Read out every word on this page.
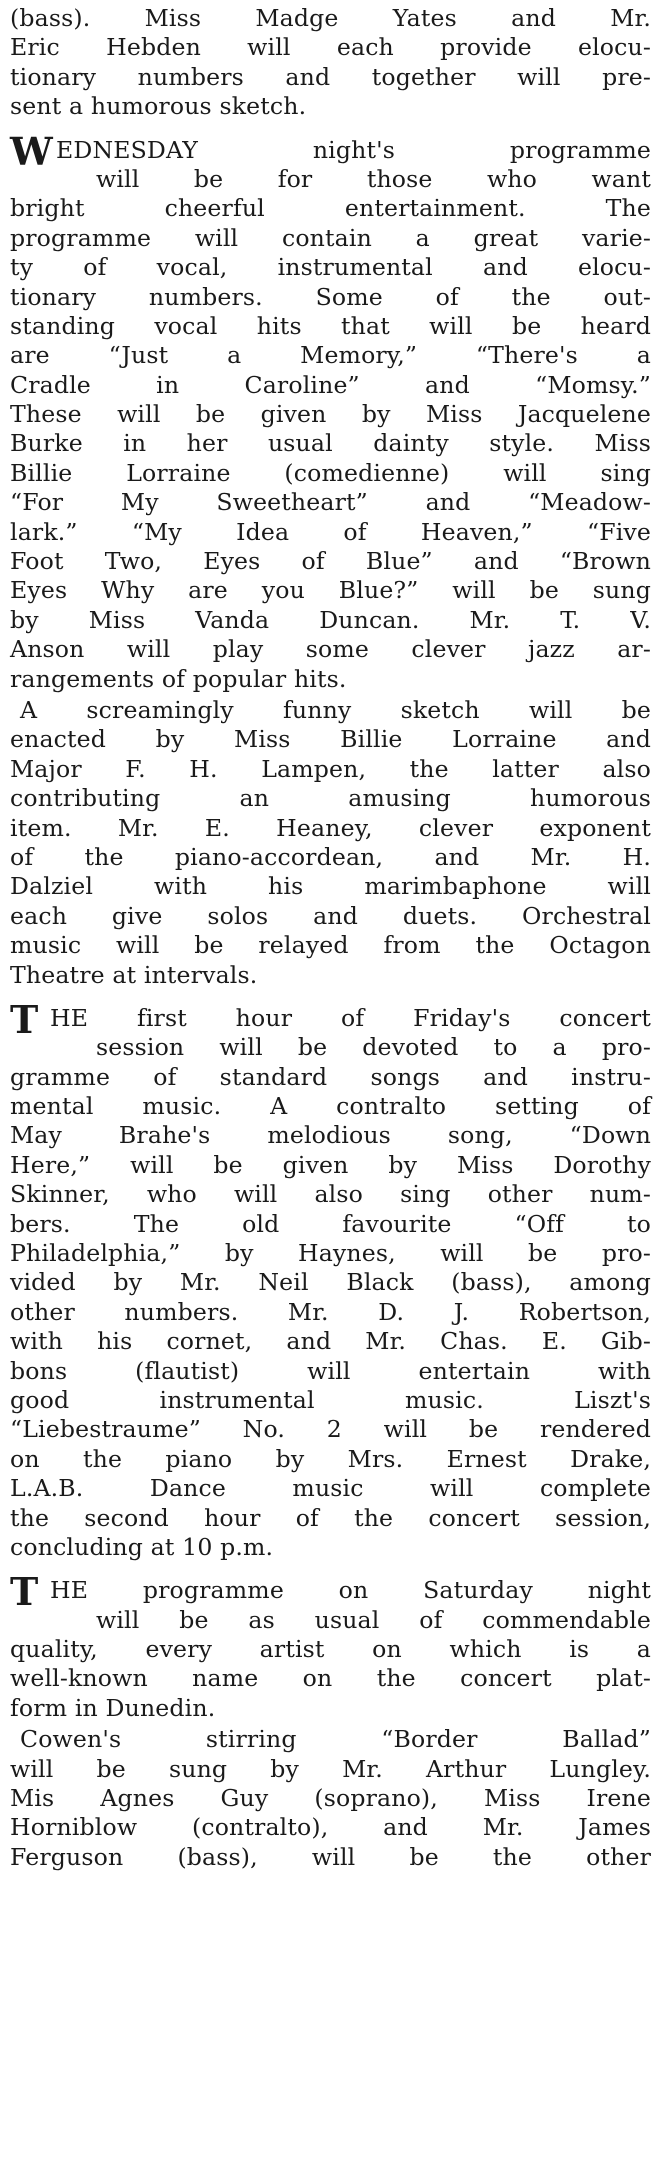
(bass). Miss Madge Yates and Mr.
Eric Hebden will each provide elocu-
tionary numbers and together will pre-
sent a humorous sketch.
W EDNESDAY night's programme
will be for those who want
bright cheerful entertainment. The
programme will contain a great varie-
ty of vocal, instrumental and elocu-
tionary numbers. Some of the out-
standing vocal hits that will be heard
are “Just a Memory,” “There's a
Cradle in Caroline” and “Momsy.”
These will be given by Miss Jacquelene
Burke in her usual dainty style. Miss
Billie Lorraine (comedienne) will sing
“For My Sweetheart” and “Meadow-
lark.” “My Idea of Heaven,” “Five
Foot Two, Eyes of Blue” and “Brown
Eyes Why are you Blue?” will be sung
by Miss Vanda Duncan. Mr. T. V.
Anson will play some clever jazz ar-
rangements of popular hits.
A screamingly funny sketch will be
enacted by Miss Billie Lorraine and
Major F. H. Lampen, the latter also
contributing an amusing humorous
item. Mr. E. Heaney, clever exponent
of the piano-accordean, and Mr. H.
Dalziel with his marimbaphone will
each give solos and duets. Orchestral
music will be relayed from the Octagon
Theatre at intervals.
T HE first hour of Friday's concert
session will be devoted to a pro-
gramme of standard songs and instru-
mental music. A contralto setting of
May Brahe's melodious song, “Down
Here,” will be given by Miss Dorothy
Skinner, who will also sing other num-
bers. The old favourite “Off to
Philadelphia,” by Haynes, will be pro-
vided by Mr. Neil Black (bass), among
other numbers. Mr. D. J. Robertson,
with his cornet, and Mr. Chas. E. Gib-
bons (flautist) will entertain with
good instrumental music. Liszt's
“Liebestraume” No. 2 will be rendered
on the piano by Mrs. Ernest Drake,
L.A.B. Dance music will complete
the second hour of the concert session,
concluding at 10 p.m.
T HE programme on Saturday night
will be as usual of commendable
quality, every artist on which is a
well-known name on the concert plat-
form in Dunedin.
Cowen's stirring “Border Ballad”
will be sung by Mr. Arthur Lungley.
Mis Agnes Guy (soprano), Miss Irene
Horniblow (contralto), and Mr. James
Ferguson (bass), will be the other
